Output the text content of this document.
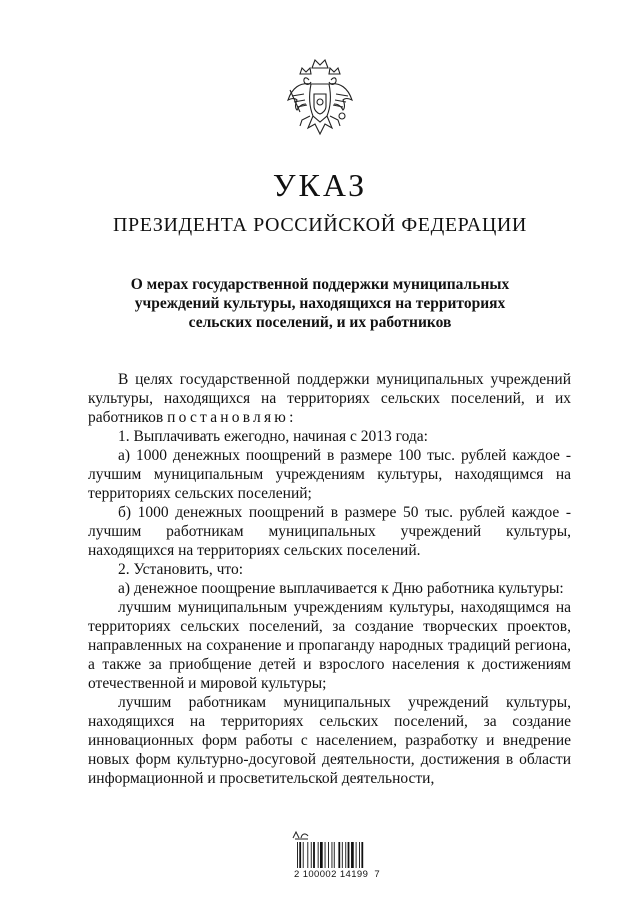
УКАЗ
ПРЕЗИДЕНТА РОССИЙСКОЙ ФЕДЕРАЦИИ
О мерах государственной поддержки муниципальных
учреждений культуры, находящихся на территориях
сельских поселений, и их работников

В целях государственной поддержки муниципальных учреждений культуры, находящихся на территориях сельских поселений, и их работников постановляю:

1. Выплачивать ежегодно, начиная с 2013 года:

а) 1000 денежных поощрений в размере 100 тыс. рублей каждое - лучшим муниципальным учреждениям культуры, находящимся на территориях сельских поселений;

б) 1000 денежных поощрений в размере 50 тыс. рублей каждое - лучшим работникам муниципальных учреждений культуры, находящихся на территориях сельских поселений.

2. Установить, что:

а) денежное поощрение выплачивается к Дню работника культуры:

лучшим муниципальным учреждениям культуры, находящимся на территориях сельских поселений, за создание творческих проектов, направленных на сохранение и пропаганду народных традиций региона, а также за приобщение детей и взрослого населения к достижениям отечественной и мировой культуры;

лучшим работникам муниципальных учреждений культуры, находящихся на территориях сельских поселений, за создание инновационных форм работы с населением, разработку и внедрение новых форм культурно-досуговой деятельности, достижения в области информационной и просветительской деятельности,

2 100002 14199  7
